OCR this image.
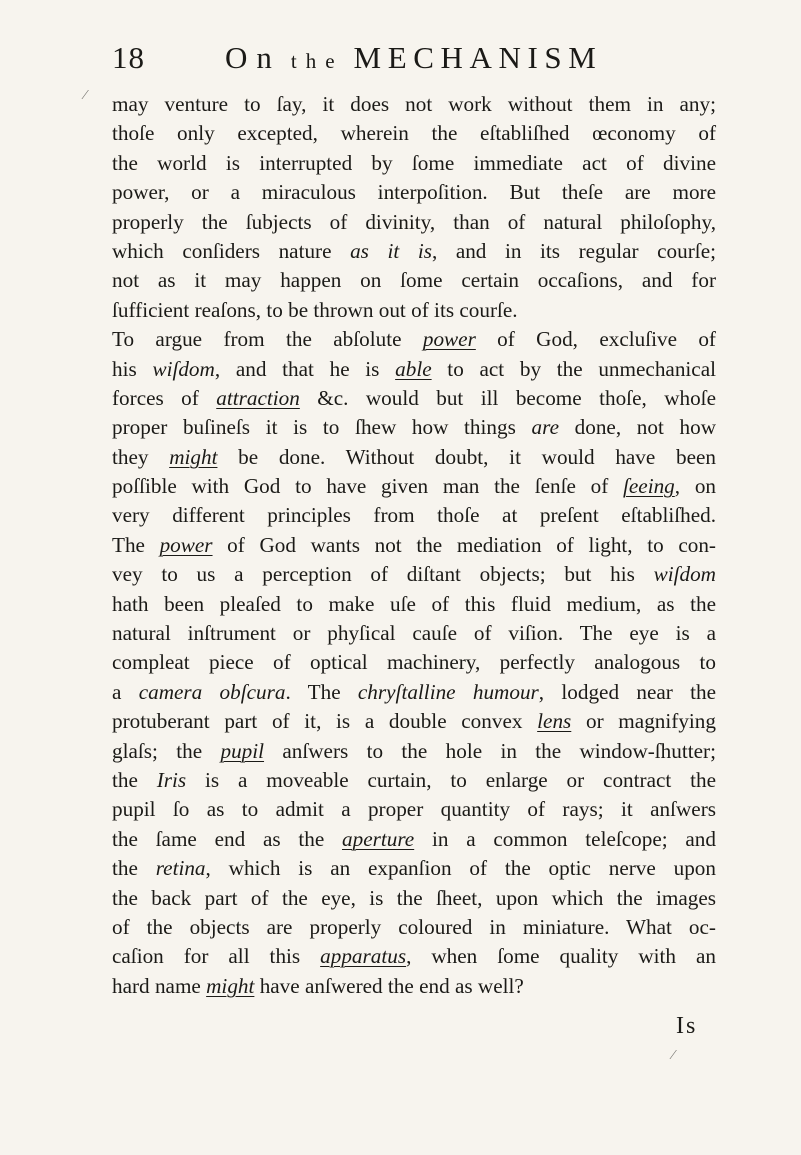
18	On the MECHANISM
may venture to ſay, it does not work without them in any;
thoſe only excepted, wherein the eſtabliſhed œconomy of
the world is interrupted by ſome immediate act of divine
power, or a miraculous interpoſition. But theſe are more
properly the ſubjects of divinity, than of natural philoſophy,
which conſiders nature as it is, and in its regular courſe;
not as it may happen on ſome certain occaſions, and for
ſufficient reaſons, to be thrown out of its courſe.
To argue from the abſolute power of God, excluſive of
his wiſdom, and that he is able to act by the unmechanical
forces of attraction &c. would but ill become thoſe, whoſe
proper buſineſs it is to ſhew how things are done, not how
they might be done. Without doubt, it would have been
poſſible with God to have given man the ſenſe of ſeeing, on
very different principles from thoſe at preſent eſtabliſhed.
The power of God wants not the mediation of light, to con-
vey to us a perception of diſtant objects; but his wiſdom
hath been pleaſed to make uſe of this fluid medium, as the
natural inſtrument or phyſical cauſe of viſion. The eye is a
compleat piece of optical machinery, perfectly analogous to
a camera obſcura. The chryſtalline humour, lodged near the
protuberant part of it, is a double convex lens or magnifying
glaſs; the pupil anſwers to the hole in the window-ſhutter;
the Iris is a moveable curtain, to enlarge or contract the
pupil ſo as to admit a proper quantity of rays; it anſwers
the ſame end as the aperture in a common teleſcope; and
the retina, which is an expanſion of the optic nerve upon
the back part of the eye, is the ſheet, upon which the images
of the objects are properly coloured in miniature. What oc-
caſion for all this apparatus, when ſome quality with an
hard name might have anſwered the end as well?
Is
⁄
⁄
